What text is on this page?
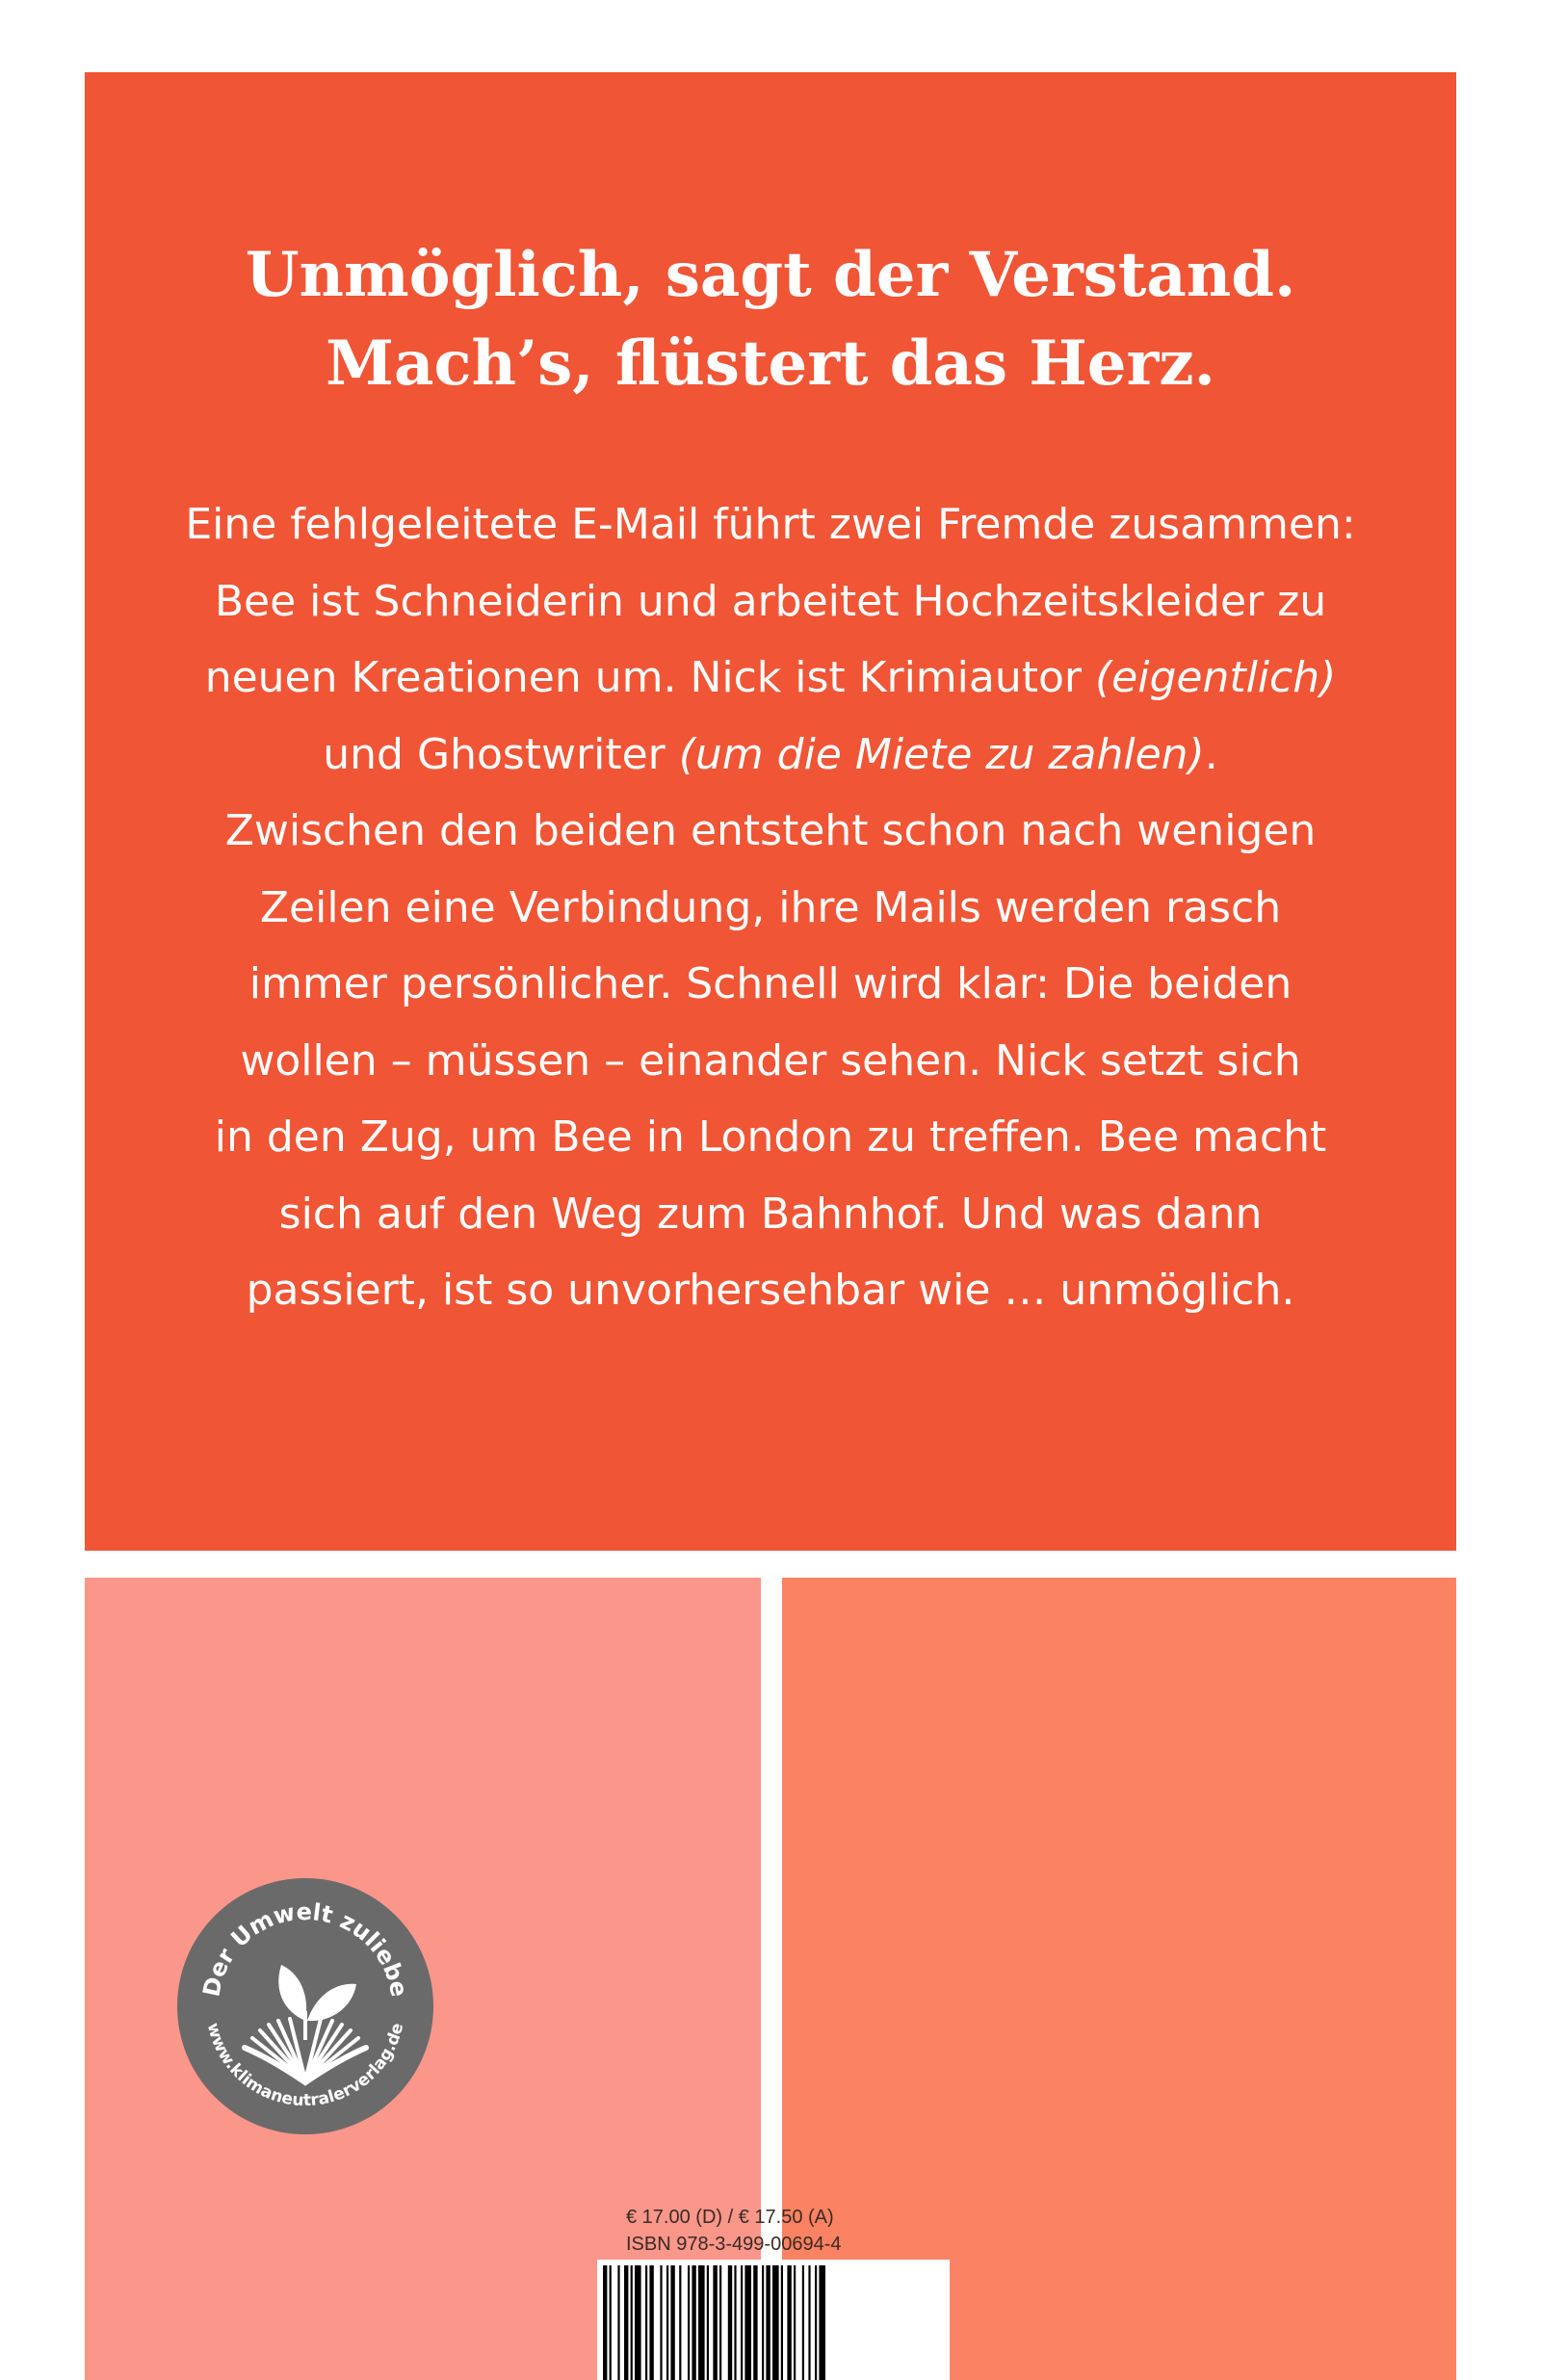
Unmöglich, sagt der Verstand.
Mach’s, flüstert das Herz.

Eine fehlgeleitete E-Mail führt zwei Fremde zusammen:
Bee ist Schneiderin und arbeitet Hochzeitskleider zu
neuen Kreationen um. Nick ist Krimiautor (eigentlich)
und Ghostwriter (um die Miete zu zahlen).
Zwischen den beiden entsteht schon nach wenigen
Zeilen eine Verbindung, ihre Mails werden rasch
immer persönlicher. Schnell wird klar: Die beiden
wollen – müssen – einander sehen. Nick setzt sich
in den Zug, um Bee in London zu treffen. Bee macht
sich auf den Weg zum Bahnhof. Und was dann
passiert, ist so unvorhersehbar wie … unmöglich.

Der Umwelt zuliebe
www.klimaneutralerverlag.de
€ 17.00 (D) / € 17.50 (A)
ISBN 978-3-499-00694-4
